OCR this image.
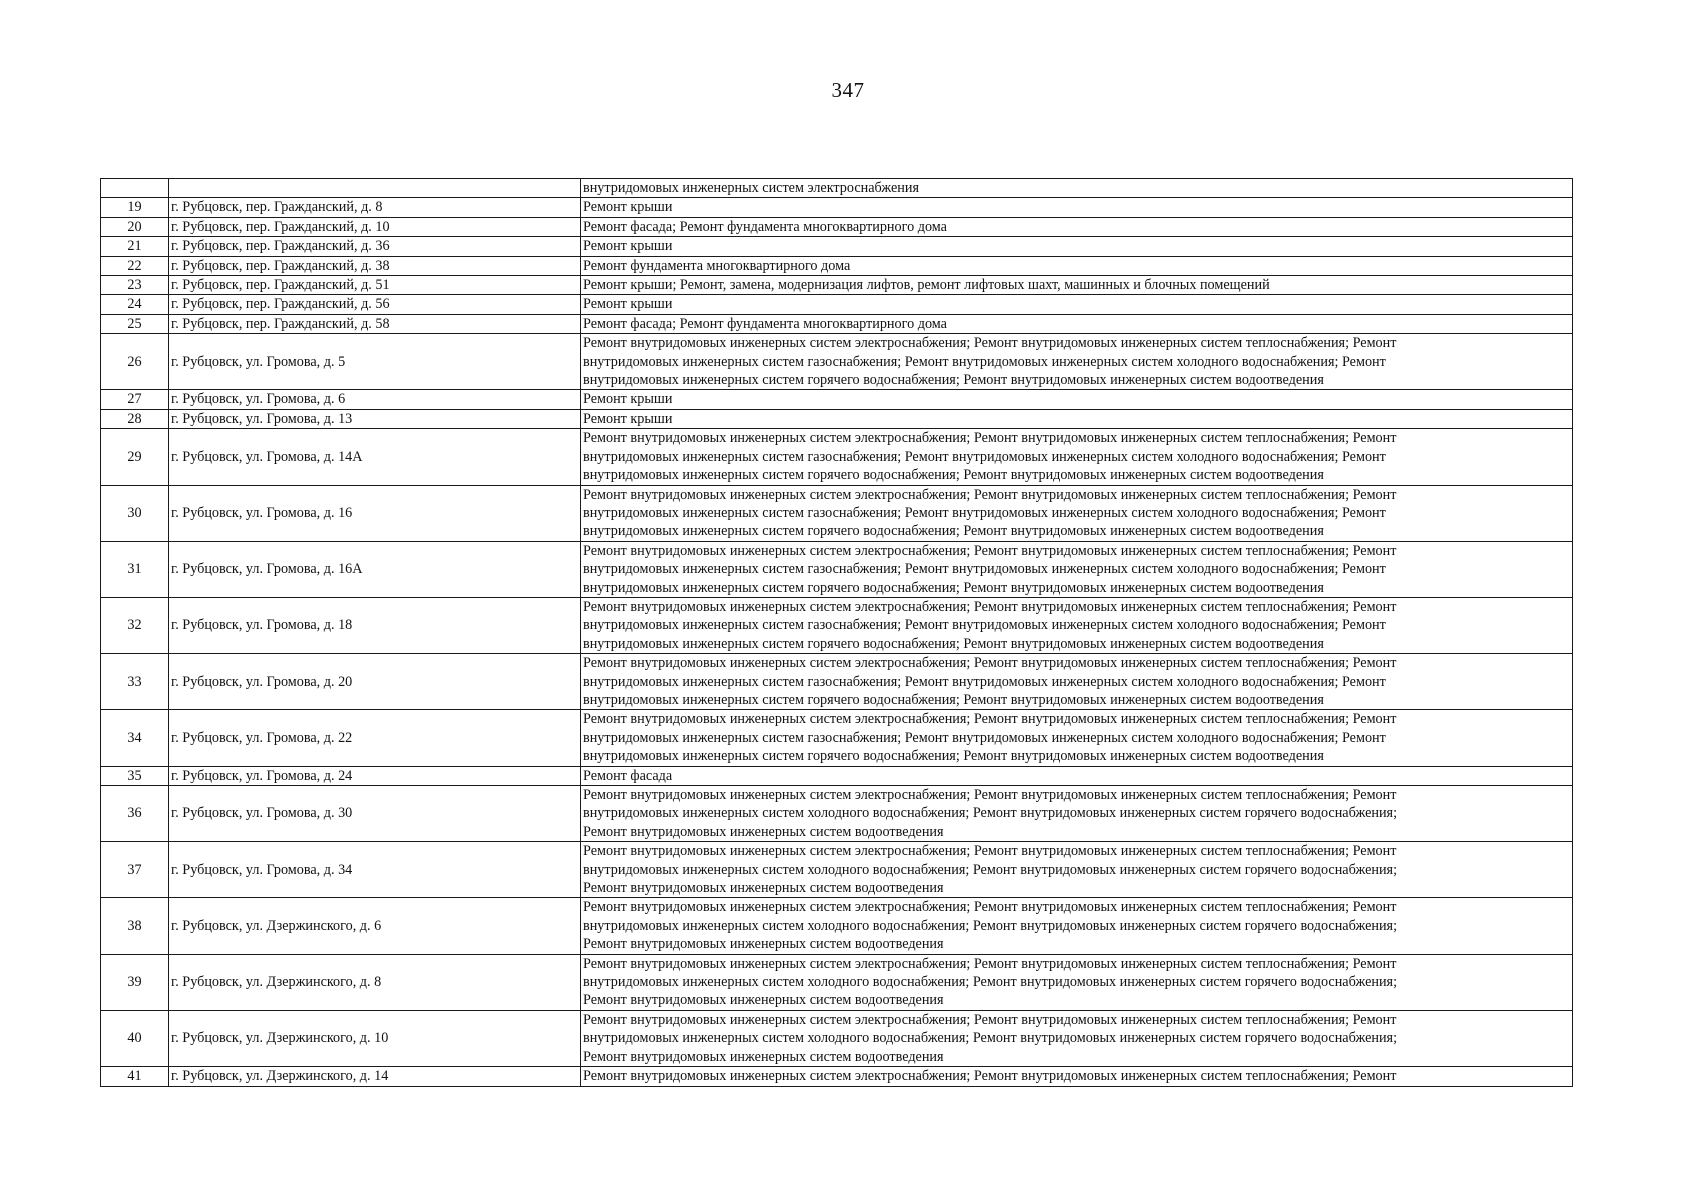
347

		внутридомовых инженерных систем электроснабжения

19	г. Рубцовск, пер. Гражданский, д. 8	Ремонт крыши

20	г. Рубцовск, пер. Гражданский, д. 10	Ремонт фасада; Ремонт фундамента многоквартирного дома

21	г. Рубцовск, пер. Гражданский, д. 36	Ремонт крыши

22	г. Рубцовск, пер. Гражданский, д. 38	Ремонт фундамента многоквартирного дома

23	г. Рубцовск, пер. Гражданский, д. 51	Ремонт крыши; Ремонт, замена, модернизация лифтов, ремонт лифтовых шахт, машинных и блочных помещений

24	г. Рубцовск, пер. Гражданский, д. 56	Ремонт крыши

25	г. Рубцовск, пер. Гражданский, д. 58	Ремонт фасада; Ремонт фундамента многоквартирного дома

26	г. Рубцовск, ул. Громова, д. 5	Ремонт внутридомовых инженерных систем электроснабжения; Ремонт внутридомовых инженерных систем теплоснабжения; Ремонт
внутридомовых инженерных систем газоснабжения; Ремонт внутридомовых инженерных систем холодного водоснабжения; Ремонт
внутридомовых инженерных систем горячего водоснабжения; Ремонт внутридомовых инженерных систем водоотведения

27	г. Рубцовск, ул. Громова, д. 6	Ремонт крыши

28	г. Рубцовск, ул. Громова, д. 13	Ремонт крыши

29	г. Рубцовск, ул. Громова, д. 14А	Ремонт внутридомовых инженерных систем электроснабжения; Ремонт внутридомовых инженерных систем теплоснабжения; Ремонт
внутридомовых инженерных систем газоснабжения; Ремонт внутридомовых инженерных систем холодного водоснабжения; Ремонт
внутридомовых инженерных систем горячего водоснабжения; Ремонт внутридомовых инженерных систем водоотведения

30	г. Рубцовск, ул. Громова, д. 16	Ремонт внутридомовых инженерных систем электроснабжения; Ремонт внутридомовых инженерных систем теплоснабжения; Ремонт
внутридомовых инженерных систем газоснабжения; Ремонт внутридомовых инженерных систем холодного водоснабжения; Ремонт
внутридомовых инженерных систем горячего водоснабжения; Ремонт внутридомовых инженерных систем водоотведения

31	г. Рубцовск, ул. Громова, д. 16А	Ремонт внутридомовых инженерных систем электроснабжения; Ремонт внутридомовых инженерных систем теплоснабжения; Ремонт
внутридомовых инженерных систем газоснабжения; Ремонт внутридомовых инженерных систем холодного водоснабжения; Ремонт
внутридомовых инженерных систем горячего водоснабжения; Ремонт внутридомовых инженерных систем водоотведения

32	г. Рубцовск, ул. Громова, д. 18	Ремонт внутридомовых инженерных систем электроснабжения; Ремонт внутридомовых инженерных систем теплоснабжения; Ремонт
внутридомовых инженерных систем газоснабжения; Ремонт внутридомовых инженерных систем холодного водоснабжения; Ремонт
внутридомовых инженерных систем горячего водоснабжения; Ремонт внутридомовых инженерных систем водоотведения

33	г. Рубцовск, ул. Громова, д. 20	Ремонт внутридомовых инженерных систем электроснабжения; Ремонт внутридомовых инженерных систем теплоснабжения; Ремонт
внутридомовых инженерных систем газоснабжения; Ремонт внутридомовых инженерных систем холодного водоснабжения; Ремонт
внутридомовых инженерных систем горячего водоснабжения; Ремонт внутридомовых инженерных систем водоотведения

34	г. Рубцовск, ул. Громова, д. 22	Ремонт внутридомовых инженерных систем электроснабжения; Ремонт внутридомовых инженерных систем теплоснабжения; Ремонт
внутридомовых инженерных систем газоснабжения; Ремонт внутридомовых инженерных систем холодного водоснабжения; Ремонт
внутридомовых инженерных систем горячего водоснабжения; Ремонт внутридомовых инженерных систем водоотведения

35	г. Рубцовск, ул. Громова, д. 24	Ремонт фасада

36	г. Рубцовск, ул. Громова, д. 30	Ремонт внутридомовых инженерных систем электроснабжения; Ремонт внутридомовых инженерных систем теплоснабжения; Ремонт
внутридомовых инженерных систем холодного водоснабжения; Ремонт внутридомовых инженерных систем горячего водоснабжения;
Ремонт внутридомовых инженерных систем водоотведения

37	г. Рубцовск, ул. Громова, д. 34	Ремонт внутридомовых инженерных систем электроснабжения; Ремонт внутридомовых инженерных систем теплоснабжения; Ремонт
внутридомовых инженерных систем холодного водоснабжения; Ремонт внутридомовых инженерных систем горячего водоснабжения;
Ремонт внутридомовых инженерных систем водоотведения

38	г. Рубцовск, ул. Дзержинского, д. 6	Ремонт внутридомовых инженерных систем электроснабжения; Ремонт внутридомовых инженерных систем теплоснабжения; Ремонт
внутридомовых инженерных систем холодного водоснабжения; Ремонт внутридомовых инженерных систем горячего водоснабжения;
Ремонт внутридомовых инженерных систем водоотведения

39	г. Рубцовск, ул. Дзержинского, д. 8	Ремонт внутридомовых инженерных систем электроснабжения; Ремонт внутридомовых инженерных систем теплоснабжения; Ремонт
внутридомовых инженерных систем холодного водоснабжения; Ремонт внутридомовых инженерных систем горячего водоснабжения;
Ремонт внутридомовых инженерных систем водоотведения

40	г. Рубцовск, ул. Дзержинского, д. 10	Ремонт внутридомовых инженерных систем электроснабжения; Ремонт внутридомовых инженерных систем теплоснабжения; Ремонт
внутридомовых инженерных систем холодного водоснабжения; Ремонт внутридомовых инженерных систем горячего водоснабжения;
Ремонт внутридомовых инженерных систем водоотведения

41	г. Рубцовск, ул. Дзержинского, д. 14	Ремонт внутридомовых инженерных систем электроснабжения; Ремонт внутридомовых инженерных систем теплоснабжения; Ремонт
